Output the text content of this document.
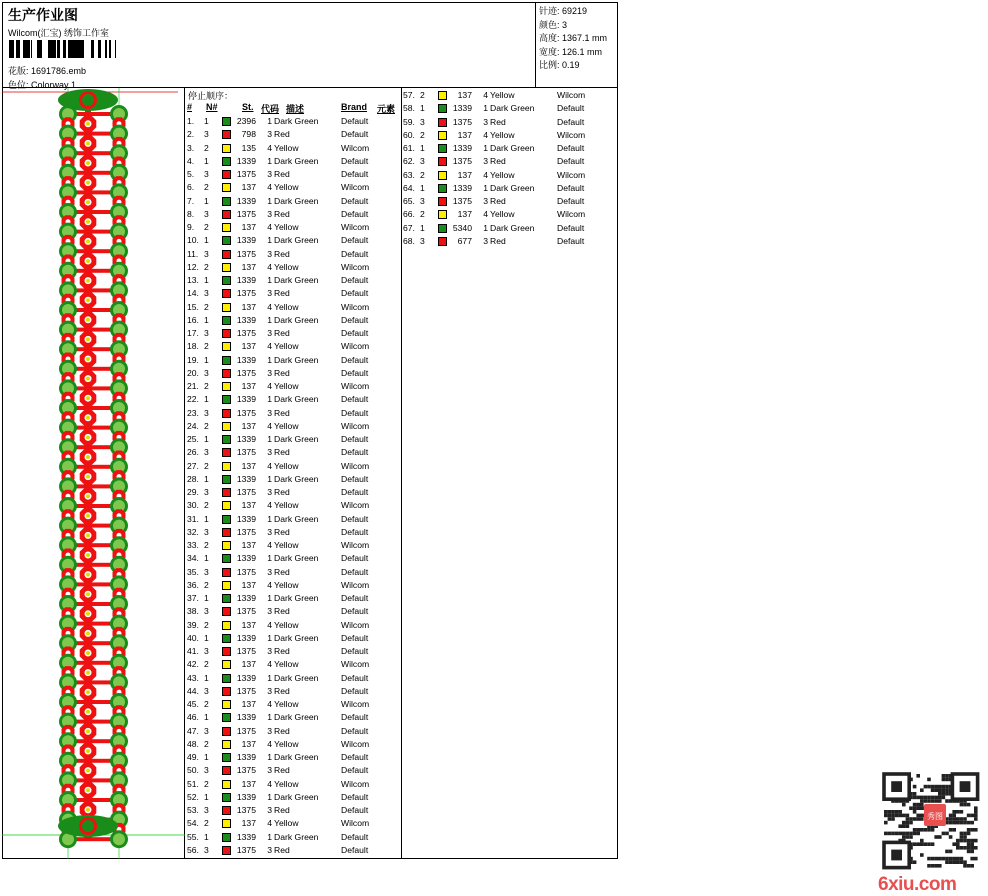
生产作业图
Wilcom(汇宝) 绣饰工作室
花版: 1691786.emb
色位: Colorway 1
针迹: 69219
颜色: 3
高度: 1367.1 mm
宽度: 126.1 mm
比例: 0.19
停止顺序：
# N#	St. 代码 描述	Brand 元素
1. 1	2396	1 Dark Green	Default
2. 3	798	3 Red	Default
3. 2	135	4 Yellow	Wilcom
4. 1	1339	1 Dark Green	Default
5. 3	1375	3 Red	Default
6. 2	137	4 Yellow	Wilcom
7. 1	1339	1 Dark Green	Default
8. 3	1375	3 Red	Default
9. 2	137	4 Yellow	Wilcom
10. 1	1339	1 Dark Green	Default
11. 3	1375	3 Red	Default
12. 2	137	4 Yellow	Wilcom
13. 1	1339	1 Dark Green	Default
14. 3	1375	3 Red	Default
15. 2	137	4 Yellow	Wilcom
16. 1	1339	1 Dark Green	Default
17. 3	1375	3 Red	Default
18. 2	137	4 Yellow	Wilcom
19. 1	1339	1 Dark Green	Default
20. 3	1375	3 Red	Default
21. 2	137	4 Yellow	Wilcom
22. 1	1339	1 Dark Green	Default
23. 3	1375	3 Red	Default
24. 2	137	4 Yellow	Wilcom
25. 1	1339	1 Dark Green	Default
26. 3	1375	3 Red	Default
27. 2	137	4 Yellow	Wilcom
28. 1	1339	1 Dark Green	Default
29. 3	1375	3 Red	Default
30. 2	137	4 Yellow	Wilcom
31. 1	1339	1 Dark Green	Default
32. 3	1375	3 Red	Default
33. 2	137	4 Yellow	Wilcom
34. 1	1339	1 Dark Green	Default
35. 3	1375	3 Red	Default
36. 2	137	4 Yellow	Wilcom
37. 1	1339	1 Dark Green	Default
38. 3	1375	3 Red	Default
39. 2	137	4 Yellow	Wilcom
40. 1	1339	1 Dark Green	Default
41. 3	1375	3 Red	Default
42. 2	137	4 Yellow	Wilcom
43. 1	1339	1 Dark Green	Default
44. 3	1375	3 Red	Default
45. 2	137	4 Yellow	Wilcom
46. 1	1339	1 Dark Green	Default
47. 3	1375	3 Red	Default
48. 2	137	4 Yellow	Wilcom
49. 1	1339	1 Dark Green	Default
50. 3	1375	3 Red	Default
51. 2	137	4 Yellow	Wilcom
52. 1	1339	1 Dark Green	Default
53. 3	1375	3 Red	Default
54. 2	137	4 Yellow	Wilcom
55. 1	1339	1 Dark Green	Default
56. 3	1375	3 Red	Default
57. 2	137	4 Yellow	Wilcom
58. 1	1339	1 Dark Green	Default
59. 3	1375	3 Red	Default
60. 2	137	4 Yellow	Wilcom
61. 1	1339	1 Dark Green	Default
62. 3	1375	3 Red	Default
63. 2	137	4 Yellow	Wilcom
64. 1	1339	1 Dark Green	Default
65. 3	1375	3 Red	Default
66. 2	137	4 Yellow	Wilcom
67. 1	5340	1 Dark Green	Default
68. 3	677	3 Red	Default
秀图
6xiu.com
